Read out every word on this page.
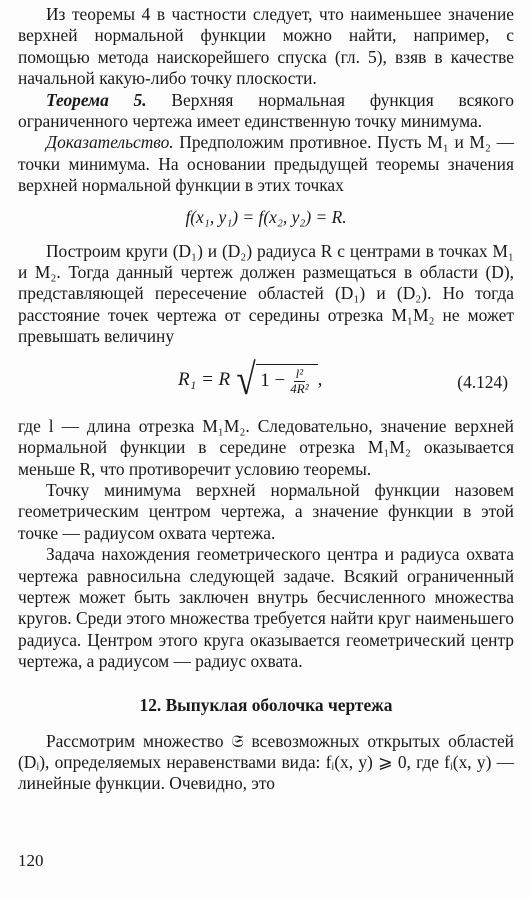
Из теоремы 4 в частности следует, что наименьшее значение верхней нормальной функции можно найти, например, с помощью метода наискорейшего спуска (гл. 5), взяв в качестве начальной какую-либо точку плоскости.

Теорема 5. Верхняя нормальная функция всякого ограниченного чертежа имеет единственную точку минимума.

Доказательство. Предположим противное. Пусть M₁ и M₂ — точки минимума. На основании предыдущей теоремы значения верхней нормальной функции в этих точках

f(x₁, y₁) = f(x₂, y₂) = R.

Построим круги (D₁) и (D₂) радиуса R с центрами в точках M₁ и M₂. Тогда данный чертеж должен размещаться в области (D), представляющей пересечение областей (D₁) и (D₂). Но тогда расстояние точек чертежа от середины отрезка M₁M₂ не может превышать величину

R₁ = R √ $1 - \frac{\text{l²}}{\text{4R²}}$ ,	(4.124)

где l — длина отрезка M₁M₂. Следовательно, значение верхней нормальной функции в середине отрезка M₁M₂ оказывается меньше R, что противоречит условию теоремы.

Точку минимума верхней нормальной функции назовем геометрическим центром чертежа, а значение функции в этой точке — радиусом охвата чертежа.

Задача нахождения геометрического центра и радиуса охвата чертежа равносильна следующей задаче. Всякий ограниченный чертеж может быть заключен внутрь бесчисленного множества кругов. Среди этого множества требуется найти круг наименьшего радиуса. Центром этого круга оказывается геометрический центр чертежа, а радиусом — радиус охвата.

12. Выпуклая оболочка чертежа

Рассмотрим множество 𝔖 всевозможных открытых областей (Dᵢ), определяемых неравенствами вида: fᵢ(x, y) ⩾ 0, где fᵢ(x, y) — линейные функции. Очевидно, это

120
